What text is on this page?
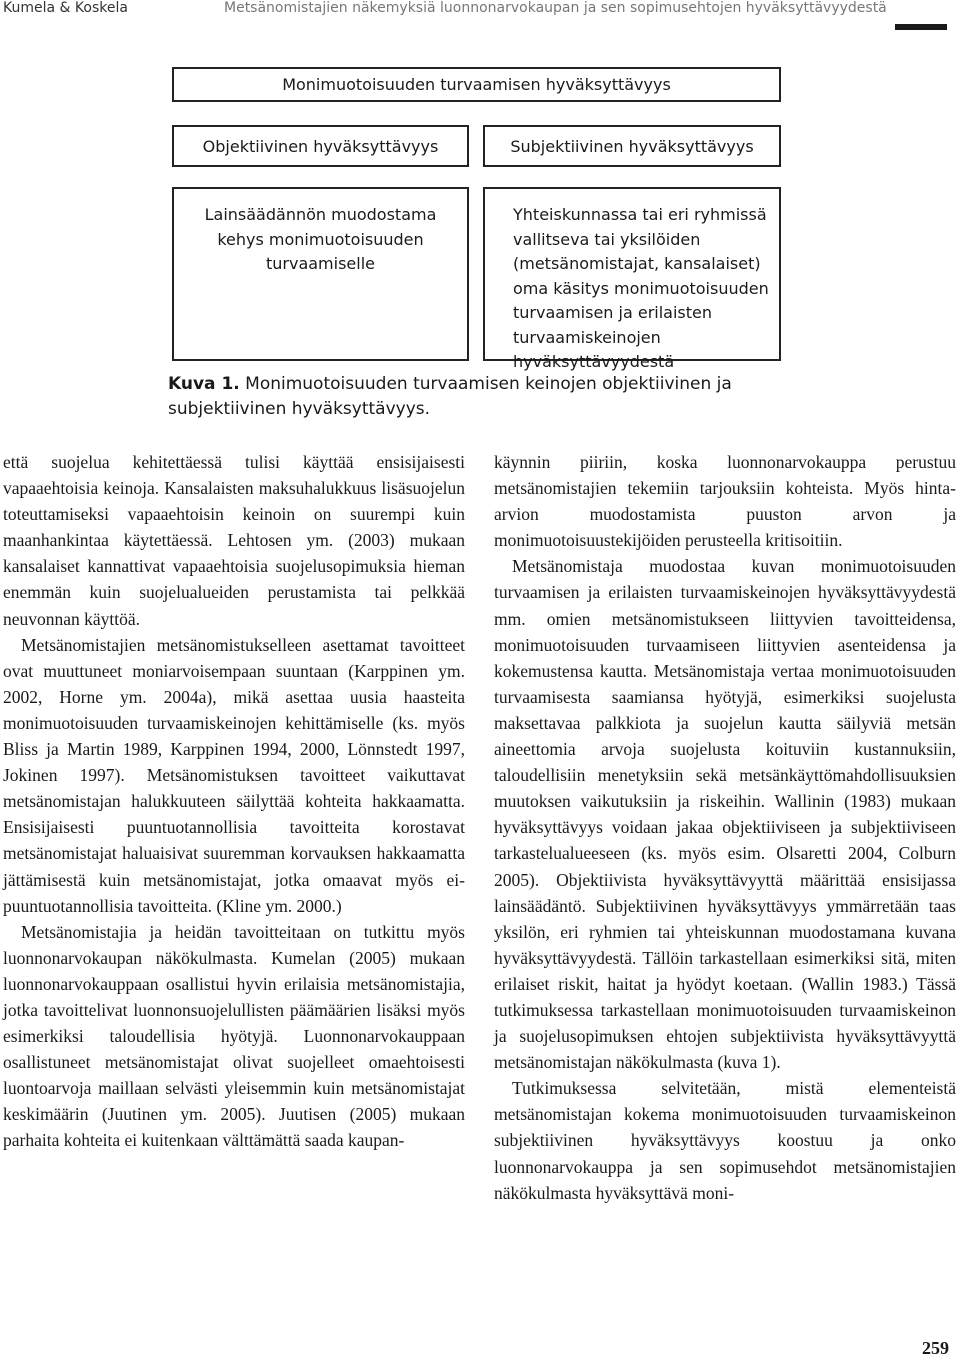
Kumela & Koskela	Metsänomistajien näkemyksiä luonnonarvokaupan ja sen sopimusehtojen hyväksyttävyydestä
Monimuotoisuuden turvaamisen hyväksyttävyys
Objektiivinen hyväksyttävyys	Subjektiivinen hyväksyttävyys
Lainsäädännön muodostama kehys monimuotoisuuden turvaamiselle
Yhteiskunnassa tai eri ryhmissä vallitseva tai yksilöiden (metsänomistajat, kansalaiset) oma käsitys monimuotoisuuden turvaamisen ja erilaisten turvaamiskeinojen hyväksyttävyydestä
Kuva 1. Monimuotoisuuden turvaamisen keinojen objektiivinen ja subjektiivinen hyväksyttävyys.

että suojelua kehitettäessä tulisi käyttää ensisijaisesti vapaaehtoisia keinoja. Kansalaisten maksuhalukkuus lisäsuojelun toteuttamiseksi vapaaehtoisin keinoin on suurempi kuin maanhankintaa käytettäessä. Lehtosen ym. (2003) mukaan kansalaiset kannattivat vapaaehtoisia suojelusopimuksia hieman enemmän kuin suojelualueiden perustamista tai pelkkää neuvonnan käyttöä.

Metsänomistajien metsänomistukselleen asettamat tavoitteet ovat muuttuneet moniarvoisempaan suuntaan (Karppinen ym. 2002, Horne ym. 2004a), mikä asettaa uusia haasteita monimuotoisuuden turvaamiskeinojen kehittämiselle (ks. myös Bliss ja Martin 1989, Karppinen 1994, 2000, Lönnstedt 1997, Jokinen 1997). Metsänomistuksen tavoitteet vaikuttavat metsänomistajan halukkuuteen säilyttää kohteita hakkaamatta. Ensisijaisesti puuntuotannollisia tavoitteita korostavat metsänomistajat haluaisivat suuremman korvauksen hakkaamatta jättämisestä kuin metsänomistajat, jotka omaavat myös ei-puuntuotannollisia tavoitteita. (Kline ym. 2000.)

Metsänomistajia ja heidän tavoitteitaan on tutkittu myös luonnonarvokaupan näkökulmasta. Kumelan (2005) mukaan luonnonarvokauppaan osallistui hyvin erilaisia metsänomistajia, jotka tavoittelivat luonnonsuojelullisten päämäärien lisäksi myös esimerkiksi taloudellisia hyötyjä. Luonnonarvokauppaan osallistuneet metsänomistajat olivat suojelleet omaehtoisesti luontoarvoja maillaan selvästi yleisemmin kuin metsänomistajat keskimäärin (Juutinen ym. 2005). Juutisen (2005) mukaan parhaita kohteita ei kuitenkaan välttämättä saada kaupan-

käynnin piiriin, koska luonnonarvokauppa perustuu metsänomistajien tekemiin tarjouksiin kohteista. Myös hinta-arvion muodostamista puuston arvon ja monimuotoisuustekijöiden perusteella kritisoitiin.

Metsänomistaja muodostaa kuvan monimuotoisuuden turvaamisen ja erilaisten turvaamiskeinojen hyväksyttävyydestä mm. omien metsänomistukseen liittyvien tavoitteidensa, monimuotoisuuden turvaamiseen liittyvien asenteidensa ja kokemustensa kautta. Metsänomistaja vertaa monimuotoisuuden turvaamisesta saamiansa hyötyjä, esimerkiksi suojelusta maksettavaa palkkiota ja suojelun kautta säilyviä metsän aineettomia arvoja suojelusta koituviin kustannuksiin, taloudellisiin menetyksiin sekä metsänkäyttömahdollisuuksien muutoksen vaikutuksiin ja riskeihin. Wallinin (1983) mukaan hyväksyttävyys voidaan jakaa objektiiviseen ja subjektiiviseen tarkastelualueeseen (ks. myös esim. Olsaretti 2004, Colburn 2005). Objektiivista hyväksyttävyyttä määrittää ensisijassa lainsäädäntö. Subjektiivinen hyväksyttävyys ymmärretään taas yksilön, eri ryhmien tai yhteiskunnan muodostamana kuvana hyväksyttävyydestä. Tällöin tarkastellaan esimerkiksi sitä, miten erilaiset riskit, haitat ja hyödyt koetaan. (Wallin 1983.) Tässä tutkimuksessa tarkastellaan monimuotoisuuden turvaamiskeinon ja suojelusopimuksen ehtojen subjektiivista hyväksyttävyyttä metsänomistajan näkökulmasta (kuva 1).

Tutkimuksessa selvitetään, mistä elementeistä metsänomistajan kokema monimuotoisuuden turvaamiskeinon subjektiivinen hyväksyttävyys koostuu ja onko luonnonarvokauppa ja sen sopimusehdot metsänomistajien näkökulmasta hyväksyttävä moni-

259
